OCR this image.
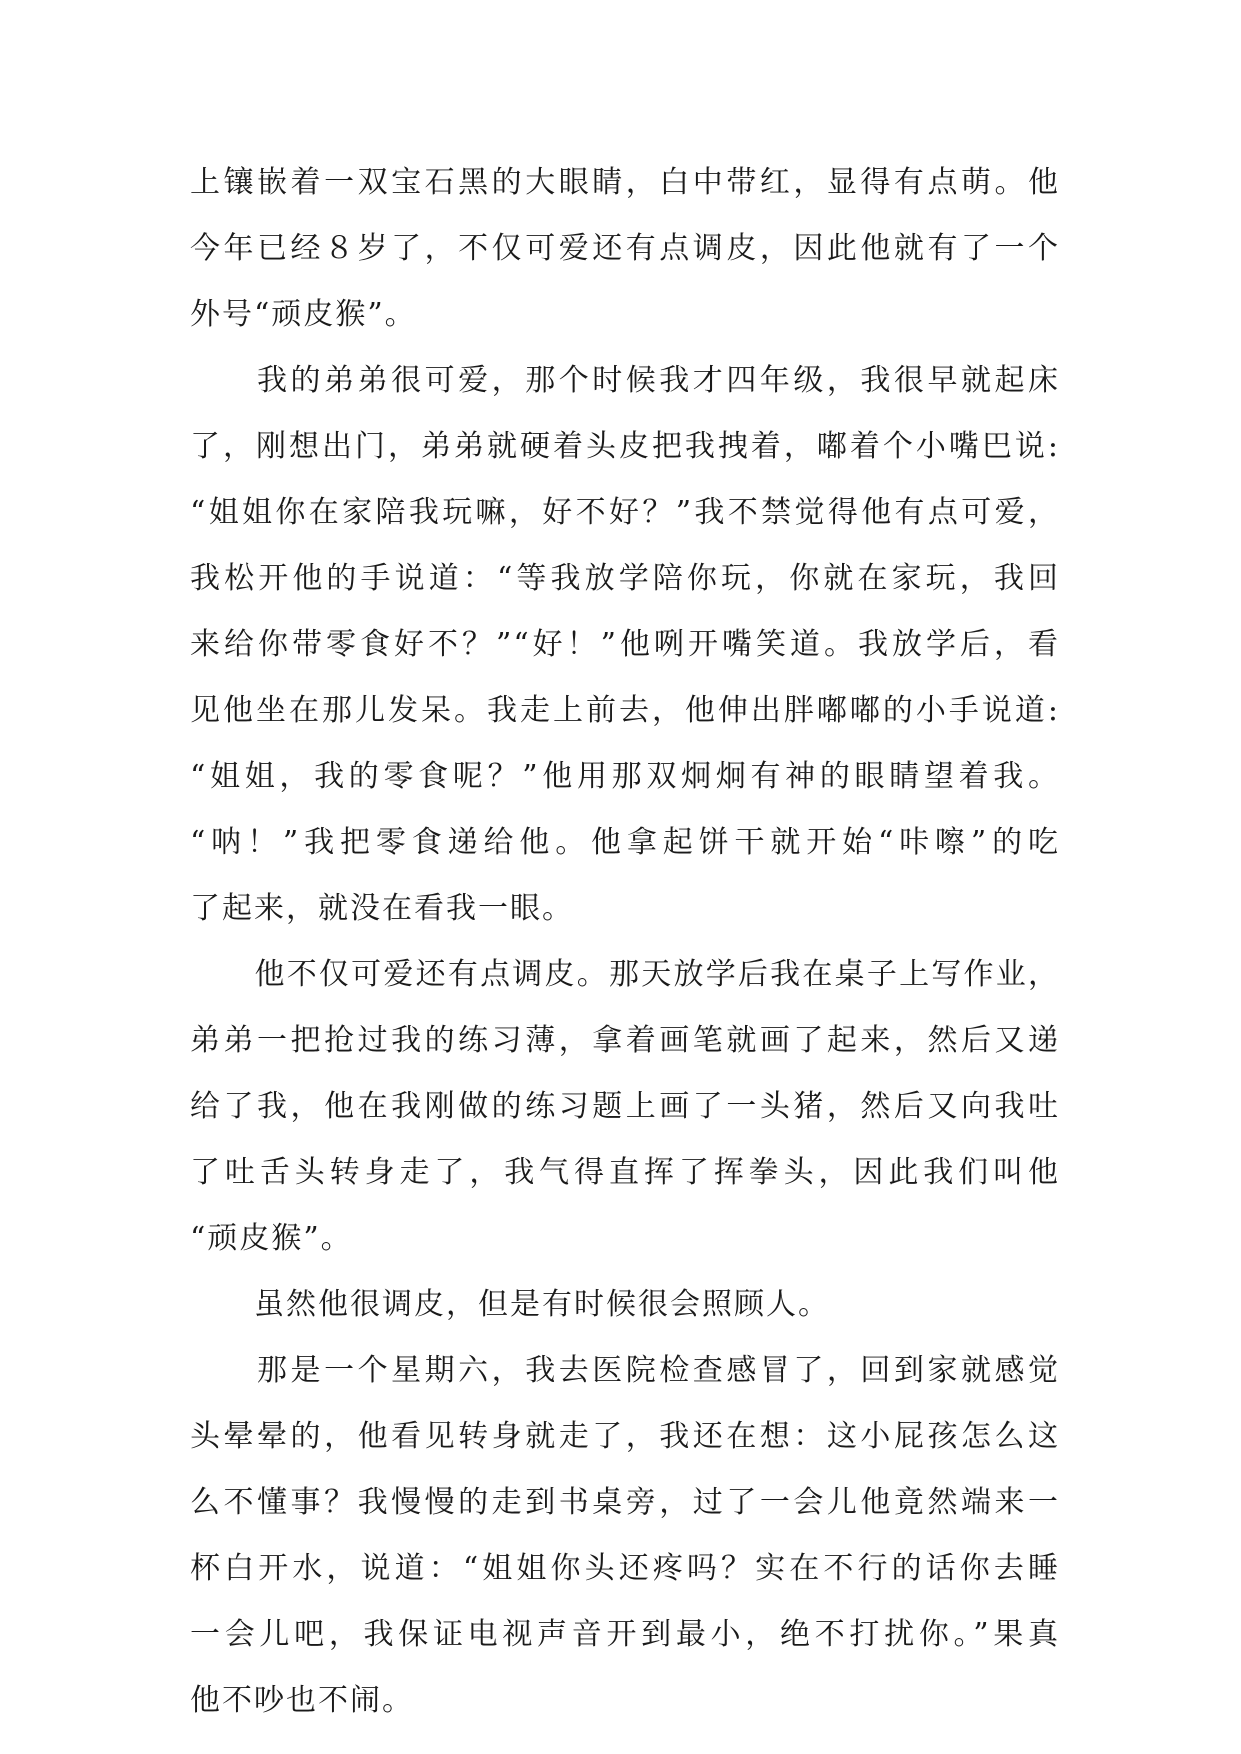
上镶嵌着一双宝石黑的大眼睛，白中带红，显得有点萌。他
今年已经８岁了，不仅可爱还有点调皮，因此他就有了一个
外号“顽皮猴”。
　　我的弟弟很可爱，那个时候我才四年级，我很早就起床
了，刚想出门，弟弟就硬着头皮把我拽着，嘟着个小嘴巴说:
“姐姐你在家陪我玩嘛，好不好？”我不禁觉得他有点可爱，
我松开他的手说道：“等我放学陪你玩，你就在家玩，我回
来给你带零食好不？”“好！”他咧开嘴笑道。我放学后，看
见他坐在那儿发呆。我走上前去，他伸出胖嘟嘟的小手说道:
“姐姐，我的零食呢？”他用那双炯炯有神的眼睛望着我。
“呐！”我把零食递给他。他拿起饼干就开始“咔嚓”的吃
了起来，就没在看我一眼。
　　他不仅可爱还有点调皮。那天放学后我在桌子上写作业，
弟弟一把抢过我的练习薄，拿着画笔就画了起来，然后又递
给了我，他在我刚做的练习题上画了一头猪，然后又向我吐
了吐舌头转身走了，我气得直挥了挥拳头，因此我们叫他
“顽皮猴”。
　　虽然他很调皮，但是有时候很会照顾人。
　　那是一个星期六，我去医院检查感冒了，回到家就感觉
头晕晕的，他看见转身就走了，我还在想：这小屁孩怎么这
么不懂事？我慢慢的走到书桌旁，过了一会儿他竟然端来一
杯白开水，说道：“姐姐你头还疼吗？实在不行的话你去睡
一会儿吧，我保证电视声音开到最小，绝不打扰你。”果真
他不吵也不闹。
